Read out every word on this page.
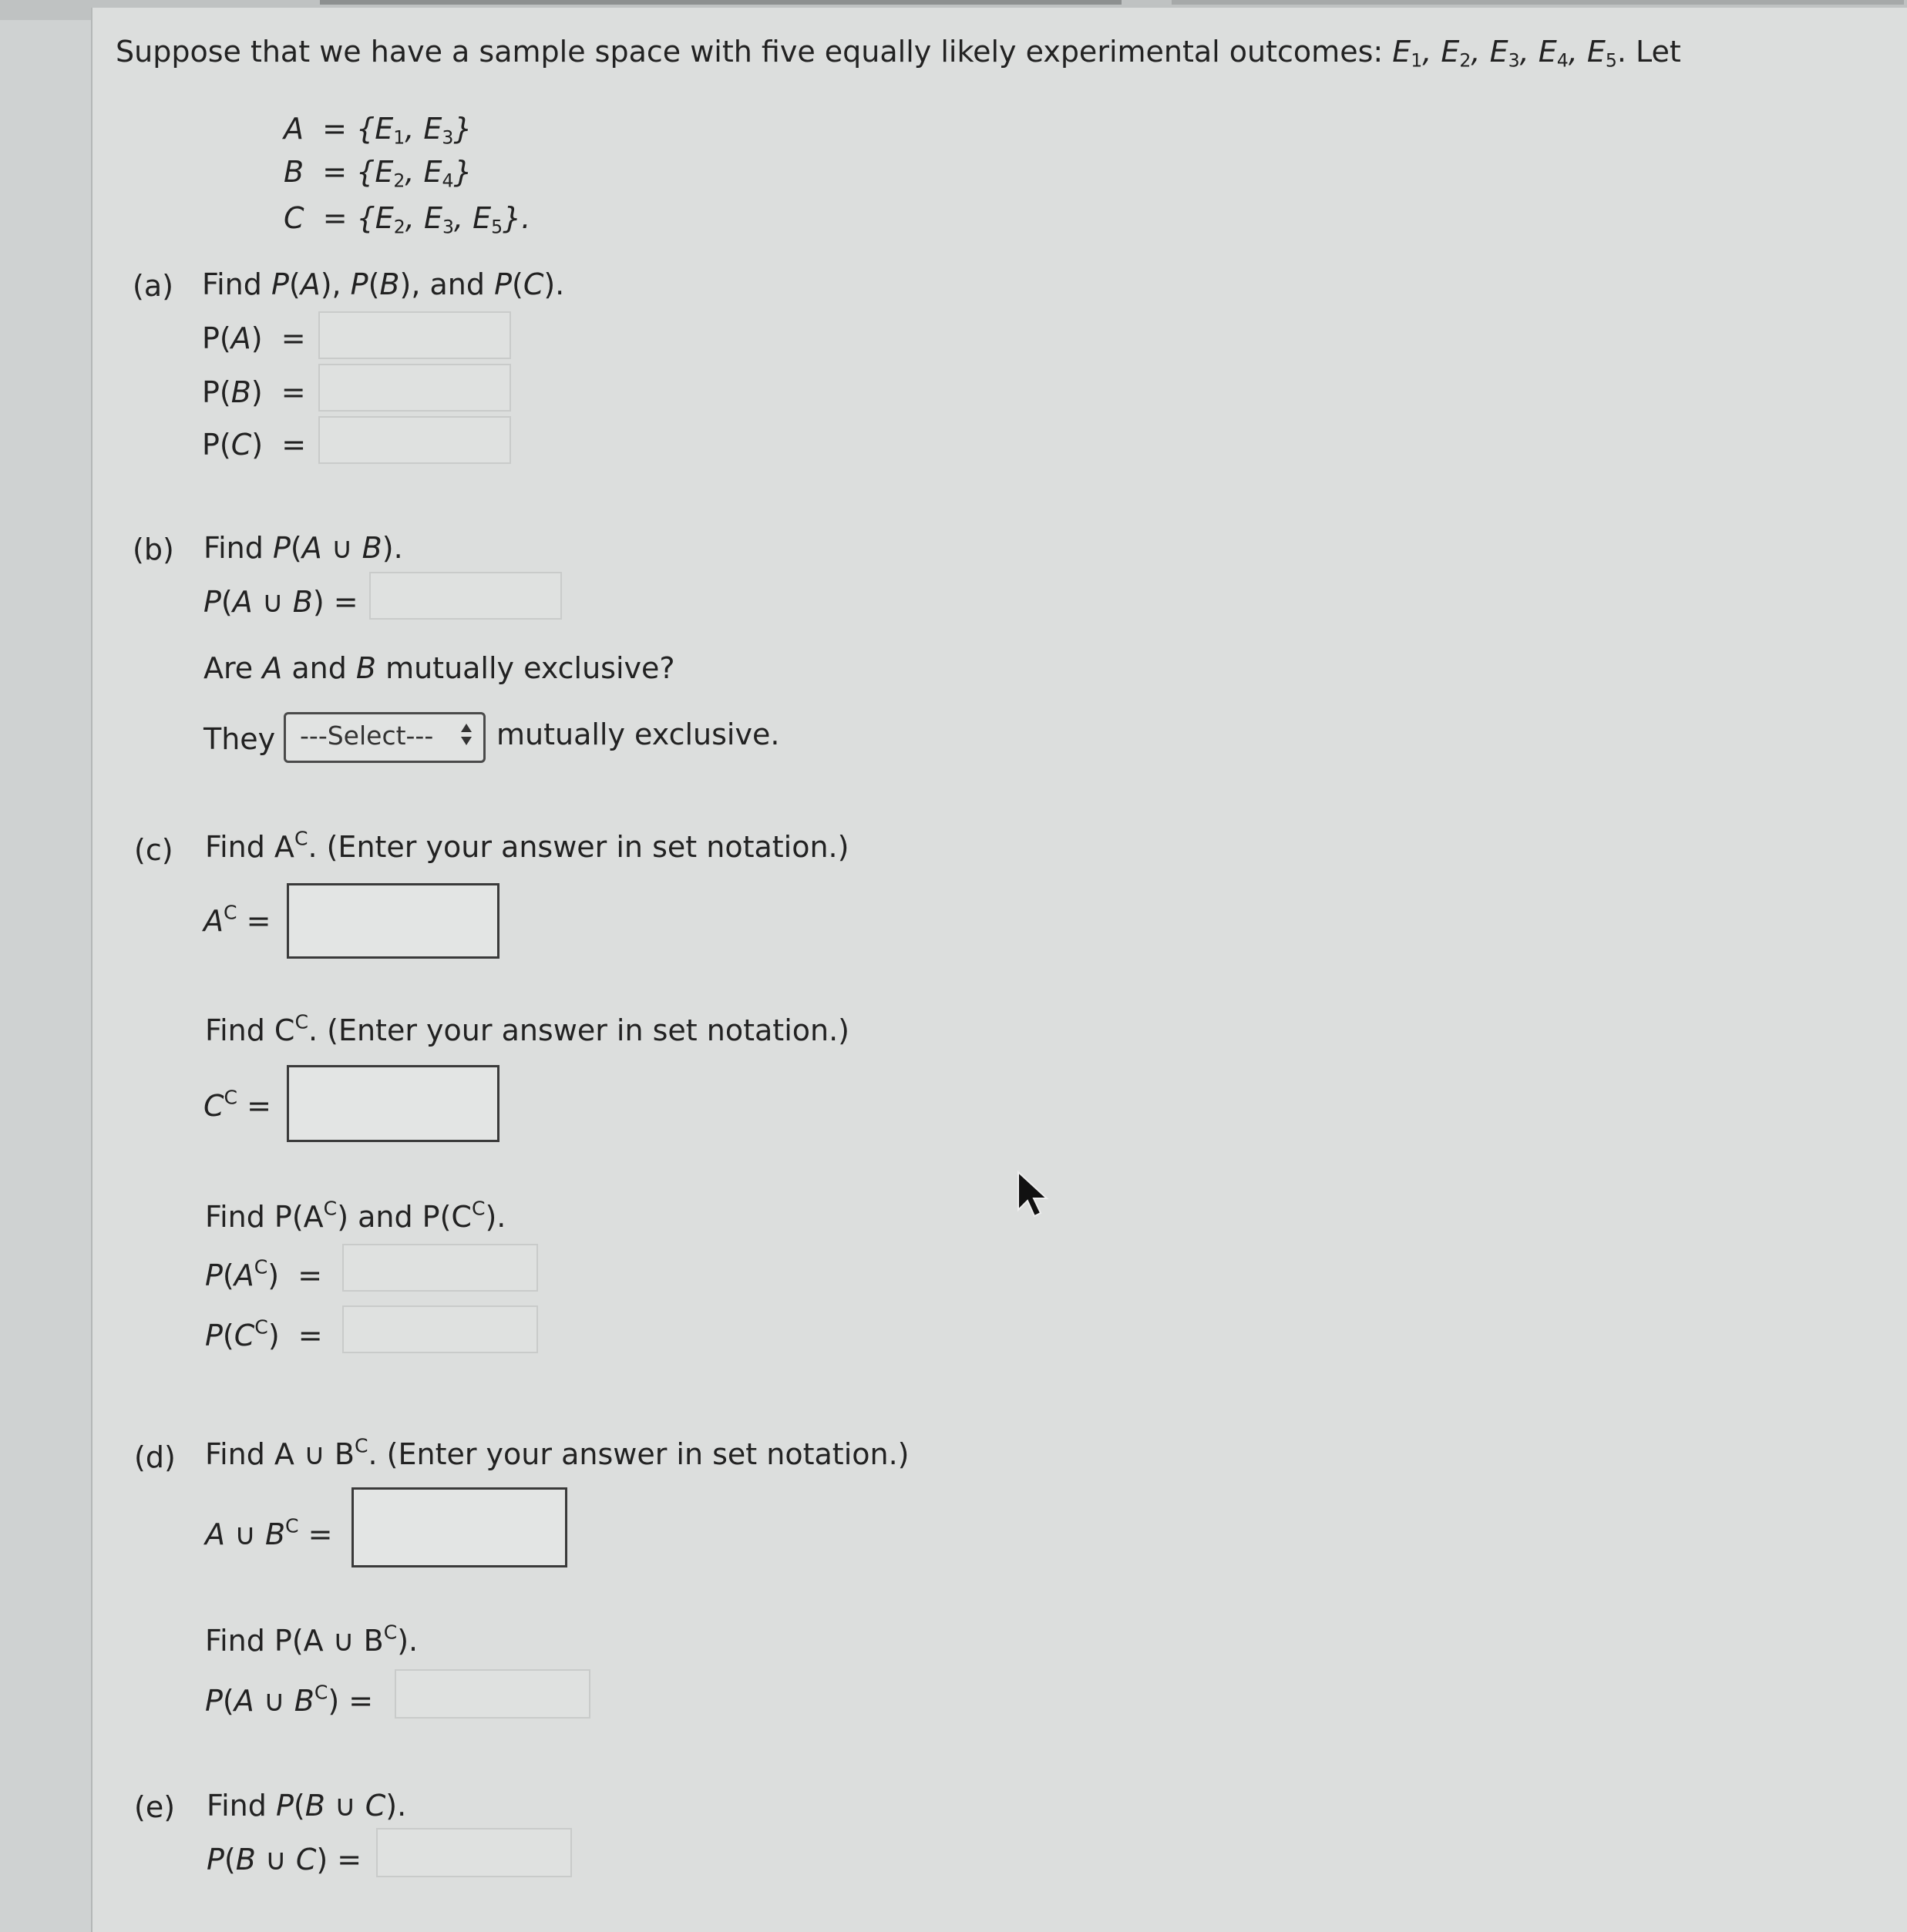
Suppose that we have a sample space with five equally likely experimental outcomes: $E_1$, $E_2$, $E_3$, $E_4$, $E_5$. Let
$A = \{E_1$, $E_3$}
$B = \{E_2$, $E_4$}
$C = \{E_2$, $E_3$, $E_5$}.
(a) Find P(A), P(B), and P(C).
P(A)  =
P(B)  =
P(C)  =
(b) Find P(A ∪ B).
P(A ∪ B) =
Are A and B mutually exclusive?
They ---Select---	mutually exclusive.
(c) Find $A^C$. (Enter your answer in set notation.)
$A^C$ =
Find $C^C$. (Enter your answer in set notation.)
$C^C$ =
Find $P(A^C)$ and $P(C^C)$.
$P(A^C)$  =
$P(C^C)$  =
(d) Find A ∪ $B^C$. (Enter your answer in set notation.)
A ∪ $B^C$ =
Find P(A ∪ $B^C$).
P(A ∪ $B^C$) =
(e) Find P(B ∪ C).
P(B ∪ C) =
